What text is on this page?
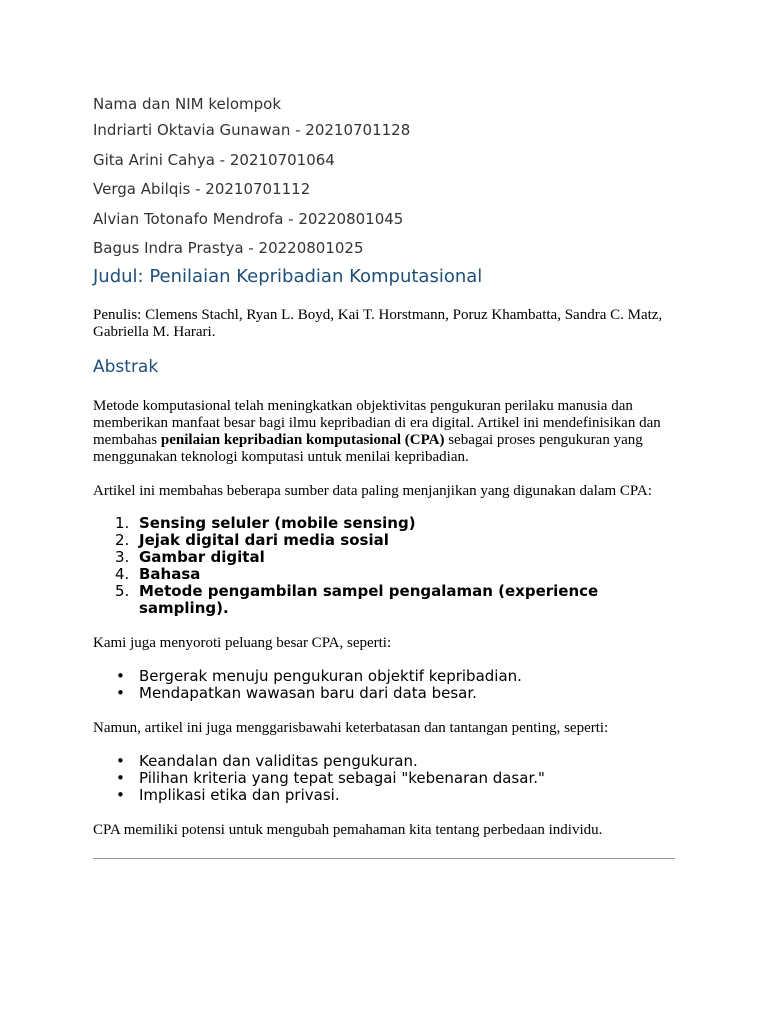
Nama dan NIM kelompok

Indriarti Oktavia Gunawan - 20210701128
Gita Arini Cahya - 20210701064
Verga Abilqis - 20210701112
Alvian Totonafo Mendrofa - 20220801045
Bagus Indra Prastya - 20220801025
Judul: Penilaian Kepribadian Komputasional

Penulis: Clemens Stachl, Ryan L. Boyd, Kai T. Horstmann, Poruz Khambatta, Sandra C. Matz, Gabriella M. Harari.

Abstrak

Metode komputasional telah meningkatkan objektivitas pengukuran perilaku manusia dan memberikan manfaat besar bagi ilmu kepribadian di era digital. Artikel ini mendefinisikan dan membahas penilaian kepribadian komputasional (CPA) sebagai proses pengukuran yang menggunakan teknologi komputasi untuk menilai kepribadian.

Artikel ini membahas beberapa sumber data paling menjanjikan yang digunakan dalam CPA:

1. Sensing seluler (mobile sensing)
2. Jejak digital dari media sosial
3. Gambar digital
4. Bahasa
5. Metode pengambilan sampel pengalaman (experience sampling).

Kami juga menyoroti peluang besar CPA, seperti:

• Bergerak menuju pengukuran objektif kepribadian.
• Mendapatkan wawasan baru dari data besar.

Namun, artikel ini juga menggarisbawahi keterbatasan dan tantangan penting, seperti:

• Keandalan dan validitas pengukuran.
• Pilihan kriteria yang tepat sebagai "kebenaran dasar."
• Implikasi etika dan privasi.

CPA memiliki potensi untuk mengubah pemahaman kita tentang perbedaan individu.
